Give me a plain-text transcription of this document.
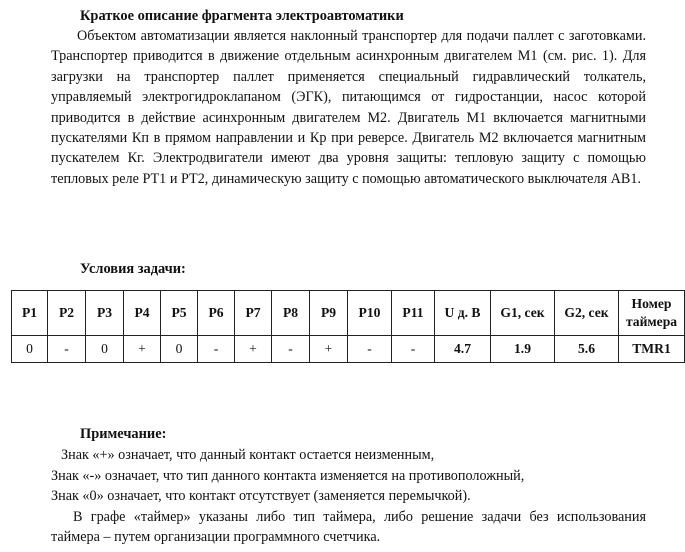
Краткое описание фрагмента электроавтоматики
Объектом автоматизации является наклонный транспортер для подачи паллет с заготовками. Транспортер приводится в движение отдельным асинхронным двигателем М1 (см. рис. 1). Для загрузки на транспортер паллет применяется специальный гидравлический толкатель, управляемый электрогидроклапаном (ЭГК), питающимся от гидростанции, насос которой приводится в действие асинхронным двигателем М2. Двигатель М1 включается магнитными пускателями Кп в прямом направлении и Кр при реверсе. Двигатель М2 включается магнитным пускателем Кг. Электродвигатели имеют два уровня защиты: тепловую защиту с помощью тепловых реле РТ1 и РТ2, динамическую защиту с помощью автоматического выключателя АВ1.
Условия задачи:
P1	P2	P3	P4	P5	P6	P7	P8	P9	P10	P11	U д. В	G1, сек	G2, сек	Номер таймера
0	-	0	+	0	-	+	-	+	-	-	4.7	1.9	5.6	TMR1
Примечание:
Знак «+» означает, что данный контакт остается неизменным,
Знак «-» означает, что тип данного контакта изменяется на противоположный,
Знак «0» означает, что контакт отсутствует (заменяется перемычкой).
В графе «таймер» указаны либо тип таймера, либо решение задачи без использования таймера – путем организации программного счетчика.
